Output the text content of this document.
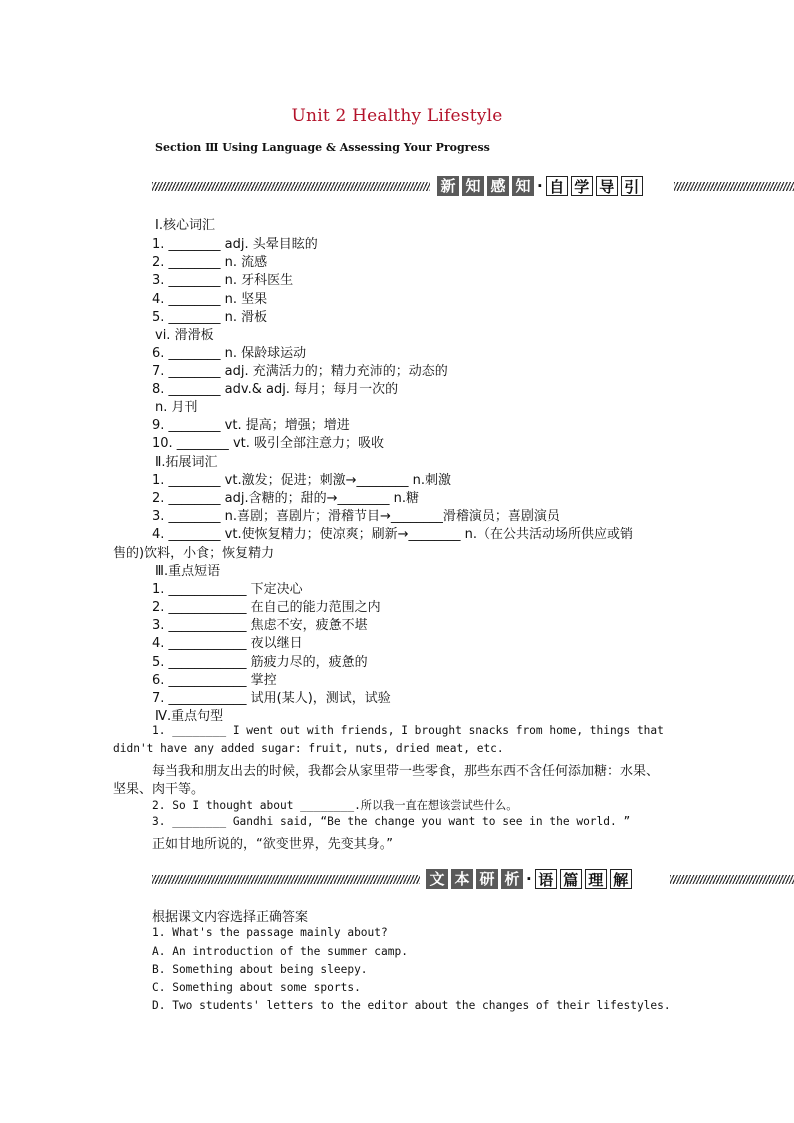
Unit 2 Healthy Lifestyle
Section Ⅲ Using Language & Assessing Your Progress
新 知 感 知 · 自 学 导 引
文 本 研 析 · 语 篇 理 解
Ⅰ.核心词汇
1. ________ adj. 头晕目眩的
2. ________ n. 流感
3. ________ n. 牙科医生
4. ________ n. 坚果
5. ________ n. 滑板
vi. 滑滑板
6. ________ n. 保龄球运动
7. ________ adj. 充满活力的；精力充沛的；动态的
8. ________ adv.& adj. 每月；每月一次的
n. 月刊
9. ________ vt. 提高；增强；增进
10. ________ vt. 吸引全部注意力；吸收
Ⅱ.拓展词汇
1. ________ vt.激发；促进；刺激→________ n.刺激
2. ________ adj.含糖的；甜的→________ n.糖
3. ________ n.喜剧；喜剧片；滑稽节目→________滑稽演员；喜剧演员
4. ________ vt.使恢复精力；使凉爽；刷新→________ n.（在公共活动场所供应或销
售的)饮料，小食；恢复精力
Ⅲ.重点短语
1. ____________ 下定决心
2. ____________ 在自己的能力范围之内
3. ____________ 焦虑不安，疲惫不堪
4. ____________ 夜以继日
5. ____________ 筋疲力尽的，疲惫的
6. ____________ 掌控
7. ____________ 试用(某人)，测试，试验
Ⅳ.重点句型
1. ________ I went out with friends, I brought snacks from home, things that
didn't have any added sugar: fruit, nuts, dried meat, etc.
每当我和朋友出去的时候，我都会从家里带一些零食，那些东西不含任何添加糖：水果、
坚果、肉干等。
2. So I thought about ________.所以我一直在想该尝试些什么。
3. ________ Gandhi said, “Be the change you want to see in the world. ”
正如甘地所说的，“欲变世界，先变其身。”
根据课文内容选择正确答案
1. What's the passage mainly about?
A. An introduction of the summer camp.
B. Something about being sleepy.
C. Something about some sports.
D. Two students' letters to the editor about the changes of their lifestyles.
